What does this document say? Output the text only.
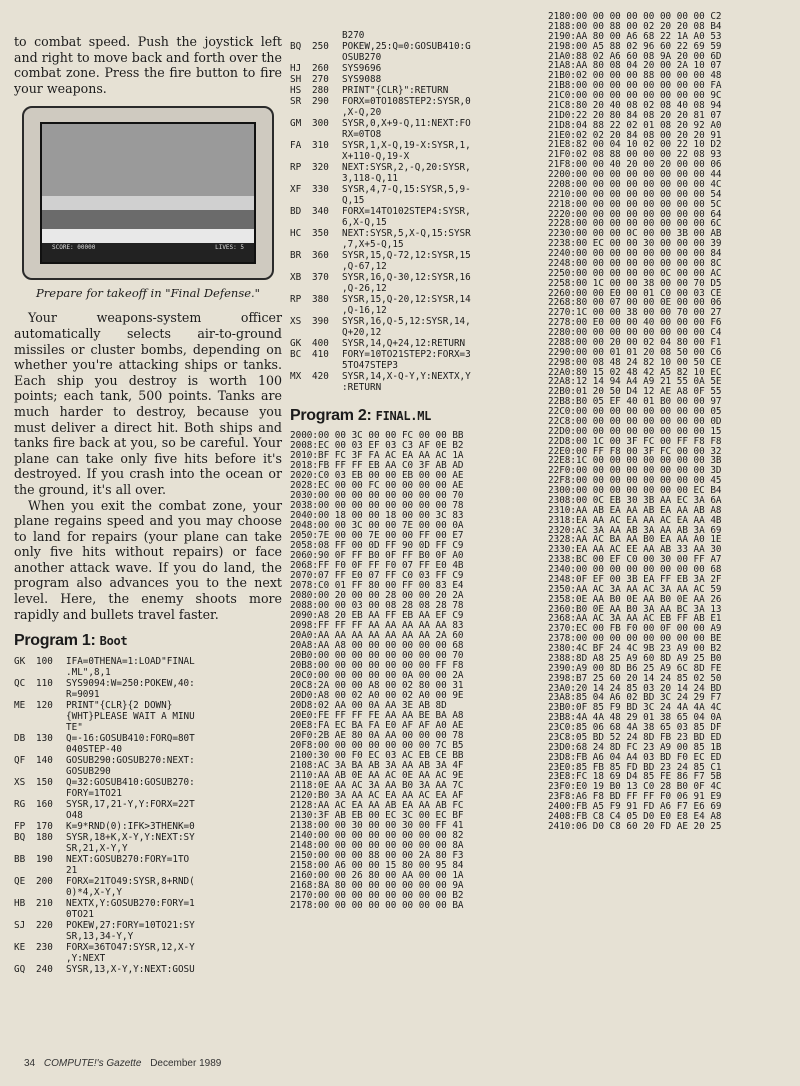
to combat speed. Push the joystick left and right to move back and forth over the combat zone. Press the fire button to fire your weapons.

SCORE: 00000	LIVES: 5
Prepare for takeoff in "Final Defense."

Your weapons-system officer automatically selects air-to-ground missiles or cluster bombs, depending on whether you're attacking ships or tanks. Each ship you destroy is worth 100 points; each tank, 500 points. Tanks are much harder to destroy, because you must deliver a direct hit. Both ships and tanks fire back at you, so be careful. Your plane can take only five hits before it's destroyed. If you crash into the ocean or the ground, it's all over.

When you exit the combat zone, your plane regains speed and you may choose to land for repairs (your plane can take only five hits without repairs) or face another attack wave. If you do land, the program also advances you to the next level. Here, the enemy shoots more rapidly and bullets travel faster.

Program 1: Boot
GK	100	IFA=0THENA=1:LOAD"FINAL
.ML",8,1
QC	110	SYS9094:W=250:POKEW,40:
R=9091
ME	120	PRINT"{CLR}{2 DOWN}
{WHT}PLEASE WAIT A MINU
TE"
DB	130	Q=-16:GOSUB410:FORQ=80T
040STEP-40
QF	140	GOSUB290:GOSUB270:NEXT:
GOSUB290
XS	150	Q=32:GOSUB410:GOSUB270:
FORY=1TO21
RG	160	SYSR,17,21-Y,Y:FORX=22T
O48
FP	170	K=9*RND(0):IFK>3THENK=0
BQ	180	SYSR,18+K,X-Y,Y:NEXT:SY
SR,21,X-Y,Y
BB	190	NEXT:GOSUB270:FORY=1TO
21
QE	200	FORX=21TO49:SYSR,8+RND(
0)*4,X-Y,Y
HB	210	NEXTX,Y:GOSUB270:FORY=1
0TO21
SJ	220	POKEW,27:FORY=10TO21:SY
SR,13,34-Y,Y
KE	230	FORX=36TO47:SYSR,12,X-Y
,Y:NEXT
GQ	240	SYSR,13,X-Y,Y:NEXT:GOSU
B270
BQ	250	POKEW,25:Q=0:GOSUB410:G
OSUB270
HJ	260	SYS9696
SH	270	SYS9088
HS	280	PRINT"{CLR}":RETURN
SR	290	FORX=0TO108STEP2:SYSR,0
,X-Q,20
GM	300	SYSR,0,X+9-Q,11:NEXT:FO
RX=0TO8
FA	310	SYSR,1,X-Q,19-X:SYSR,1,
X+110-Q,19-X
RP	320	NEXT:SYSR,2,-Q,20:SYSR,
3,118-Q,11
XF	330	SYSR,4,7-Q,15:SYSR,5,9-
Q,15
BD	340	FORX=14TO102STEP4:SYSR,
6,X-Q,15
HC	350	NEXT:SYSR,5,X-Q,15:SYSR
,7,X+5-Q,15
BR	360	SYSR,15,Q-72,12:SYSR,15
,Q-67,12
XB	370	SYSR,16,Q-30,12:SYSR,16
,Q-26,12
RP	380	SYSR,15,Q-20,12:SYSR,14
,Q-16,12
XS	390	SYSR,16,Q-5,12:SYSR,14,
Q+20,12
GK	400	SYSR,14,Q+24,12:RETURN
BC	410	FORY=10TO21STEP2:FORX=3
5TO47STEP3
MX	420	SYSR,14,X-Q-Y,Y:NEXTX,Y
:RETURN
Program 2: FINAL.ML
2000:00 00 3C 00 00 FC 00 00 BB
2008:EC 00 03 EF 03 C3 AF 0E B2
2010:BF FC 3F FA AC EA AA AC 1A
2018:FB FF FF EB AA C0 3F AB AD
2020:C0 03 EB 00 00 EB 00 00 AE
2028:EC 00 00 FC 00 00 00 00 AE
2030:00 00 00 00 00 00 00 00 70
2038:00 00 00 00 00 00 00 00 78
2040:00 18 00 00 18 00 00 3C 83
2048:00 00 3C 00 00 7E 00 00 0A
2050:7E 00 00 7E 00 00 FF 00 E7
2058:08 FF 00 0D FF 90 0D FF C9
2060:90 0F FF B0 0F FF B0 0F A0
2068:FF F0 0F FF F0 07 FF E0 4B
2070:07 FF E0 07 FF C0 03 FF C9
2078:C0 01 FF 80 00 FF 00 83 E4
2080:00 20 00 00 28 00 00 20 2A
2088:00 00 03 00 08 28 08 28 78
2090:A8 20 EB AA FF EB AA EF C9
2098:FF FF FF AA AA AA AA AA 83
20A0:AA AA AA AA AA AA AA 2A 60
20A8:AA A8 00 00 00 00 00 00 68
20B0:00 00 00 00 00 00 00 00 70
20B8:00 00 00 00 00 00 00 FF F8
20C0:00 00 00 00 00 0A 00 00 2A
20C8:2A 00 00 A8 00 02 80 00 31
20D0:A8 00 02 A0 00 02 A0 00 9E
20D8:02 AA 00 0A AA 3E AB 8D
20E0:FE FF FF FE AA AA BE BA A8
20E8:FA EC BA FA E0 AF AF A0 AE
20F0:2B AE 80 0A AA 00 00 00 78
20F8:00 00 00 00 00 00 00 7C B5
2100:30 00 F0 EC 03 AC EB CE BB
2108:AC 3A BA AB 3A AA AB 3A 4F
2110:AA AB 0E AA AC 0E AA AC 9E
2118:0E AA AC 3A AA B0 3A AA 7C
2120:B0 3A AA AC EA AA AC EA AF
2128:AA AC EA AA AB EA AA AB FC
2130:3F AB EB 00 EC 3C 00 EC BF
2138:00 00 30 00 00 30 00 FF 41
2140:00 00 00 00 00 00 00 00 82
2148:00 00 00 00 00 00 00 00 8A
2150:00 00 00 88 00 00 2A 80 F3
2158:00 A6 00 00 15 80 00 95 84
2160:00 00 26 80 00 AA 00 00 1A
2168:8A 80 00 00 00 00 00 00 9A
2170:00 00 00 00 00 00 00 00 B2
2178:00 00 00 00 00 00 00 00 BA
2180:00 00 00 00 00 00 00 00 C2
2188:00 00 88 00 02 20 20 08 B4
2190:AA 80 00 A6 68 22 1A A0 53
2198:00 A5 88 02 96 60 22 69 59
21A0:88 02 A6 60 08 9A 20 00 6D
21A8:AA 80 08 04 20 00 2A 10 07
21B0:02 00 00 00 88 00 00 00 48
21B8:00 00 00 00 00 00 00 00 FA
21C0:00 00 00 00 00 00 00 00 9C
21C8:80 20 40 08 02 08 40 08 94
21D0:22 20 80 84 08 20 20 81 07
21D8:04 88 22 02 01 08 20 92 A0
21E0:02 02 20 84 08 00 20 20 91
21E8:82 00 04 10 02 00 22 10 D2
21F0:02 08 88 00 00 00 22 08 93
21F8:00 00 40 20 00 20 00 00 06
2200:00 00 00 00 00 00 00 00 44
2208:00 00 00 00 00 00 00 00 4C
2210:00 00 00 00 00 00 00 00 54
2218:00 00 00 00 00 00 00 00 5C
2220:00 00 00 00 00 00 00 00 64
2228:00 00 00 00 00 00 00 00 6C
2230:00 00 00 0C 00 00 3B 00 AB
2238:00 EC 00 00 30 00 00 00 39
2240:00 00 00 00 00 00 00 00 84
2248:00 00 00 00 00 00 00 00 8C
2250:00 00 00 00 00 0C 00 00 AC
2258:00 1C 00 00 38 00 00 70 D5
2260:00 00 E0 00 01 C0 00 03 CE
2268:80 00 07 00 00 0E 00 00 06
2270:1C 00 00 38 00 00 70 00 27
2278:00 E0 00 00 40 00 00 00 F6
2280:00 00 00 00 00 00 00 00 C4
2288:00 00 20 00 02 04 80 00 F1
2290:00 00 01 01 20 08 50 00 C6
2298:00 08 48 24 82 10 00 50 CE
22A0:80 15 02 48 42 A5 82 10 EC
22A8:12 14 94 A4 A9 21 55 0A 5E
22B0:01 20 50 D4 12 AE A8 0F 55
22B8:B0 05 EF 40 01 B0 00 00 97
22C0:00 00 00 00 00 00 00 00 05
22C8:00 00 00 00 00 00 00 00 0D
22D0:00 00 00 00 00 00 00 00 15
22D8:00 1C 00 3F FC 00 FF F8 F8
22E0:00 FF F8 00 3F FC 00 00 32
22E8:1C 00 00 00 00 00 00 00 3B
22F0:00 00 00 00 00 00 00 00 3D
22F8:00 00 00 00 00 00 00 00 45
2300:00 00 00 00 00 00 00 EC B4
2308:00 0C EB 30 3B AA EC 3A 6A
2310:AA AB EA AA AB EA AA AB A8
2318:EA AA AC EA AA AC EA AA 4B
2320:AC 3A AA AB 3A AA AB 3A 69
2328:AA AC BA AA B0 EA AA A0 1E
2330:EA AA AC EE AA AB 33 AA 30
2338:BC 00 EF C0 00 30 00 FF A7
2340:00 00 00 00 00 00 00 00 68
2348:0F EF 00 3B EA FF EB 3A 2F
2350:AA AC 3A AA AC 3A AA AC 59
2358:0E AA B0 0E AA B0 0E AA 26
2360:B0 0E AA B0 3A AA BC 3A 13
2368:AA AC 3A AA AC EB FF AB E1
2370:EC 00 FB F0 00 0F 00 00 A9
2378:00 00 00 00 00 00 00 00 BE
2380:4C BF 24 4C 9B 23 A9 00 B2
2388:8D A8 25 A9 60 8D A9 25 B0
2390:A9 00 8D B6 25 A9 6C 8D FE
2398:B7 25 60 20 14 24 85 02 50
23A0:20 14 24 85 03 20 14 24 BD
23A8:85 04 A6 02 BD 3C 24 29 F7
23B0:0F 85 F9 BD 3C 24 4A 4A 4C
23B8:4A 4A 48 29 01 38 65 04 0A
23C0:85 06 68 4A 38 65 03 85 DF
23C8:05 BD 52 24 8D FB 23 BD ED
23D0:68 24 8D FC 23 A9 00 85 1B
23D8:FB A6 04 A4 03 BD F0 EC ED
23E0:85 FB 85 FD BD 23 24 85 C1
23E8:FC 18 69 D4 85 FE 86 F7 5B
23F0:E0 19 B0 13 C0 28 B0 0F 4C
23F8:A6 F8 BD FF FF F0 06 91 E9
2400:FB A5 F9 91 FD A6 F7 E6 69
2408:FB C8 C4 05 D0 E0 E8 E4 A8
2410:06 D0 C8 60 20 FD AE 20 25
34 COMPUTE!'s Gazette December 1989
